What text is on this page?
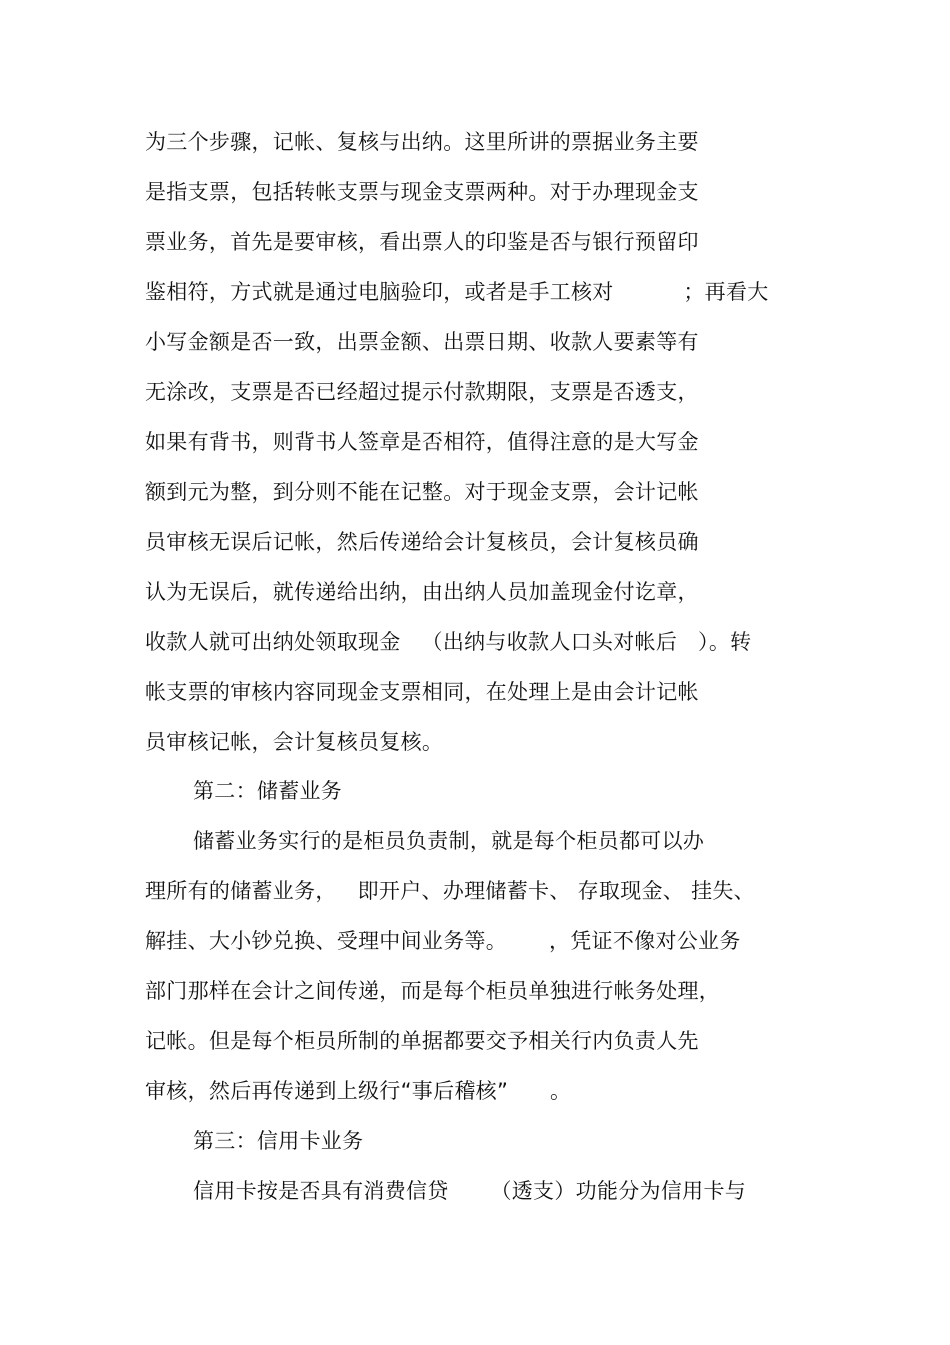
为三个步骤，记帐、复核与出纳。这里所讲的票据业务主要
是指支票，包括转帐支票与现金支票两种。对于办理现金支
票业务，首先是要审核，看出票人的印鉴是否与银行预留印
鉴相符，方式就是通过电脑验印，或者是手工核对          ；再看大
小写金额是否一致，出票金额、出票日期、收款人要素等有
无涂改，支票是否已经超过提示付款期限，支票是否透支，
如果有背书，则背书人签章是否相符，值得注意的是大写金
额到元为整，到分则不能在记整。对于现金支票，会计记帐
员审核无误后记帐，然后传递给会计复核员，会计复核员确
认为无误后，就传递给出纳，由出纳人员加盖现金付讫章，
收款人就可出纳处领取现金   （出纳与收款人口头对帐后   ）。转
帐支票的审核内容同现金支票相同，在处理上是由会计记帐
员审核记帐，会计复核员复核。
第二：储蓄业务
储蓄业务实行的是柜员负责制，就是每个柜员都可以办
理所有的储蓄业务，   即开户、办理储蓄卡、 存取现金、 挂失、
解挂、大小钞兑换、受理中间业务等。      ，凭证不像对公业务
部门那样在会计之间传递，而是每个柜员单独进行帐务处理，
记帐。但是每个柜员所制的单据都要交予相关行内负责人先
审核，然后再传递到上级行“事后稽核”      。
第三：信用卡业务
信用卡按是否具有消费信贷      （透支）功能分为信用卡与
